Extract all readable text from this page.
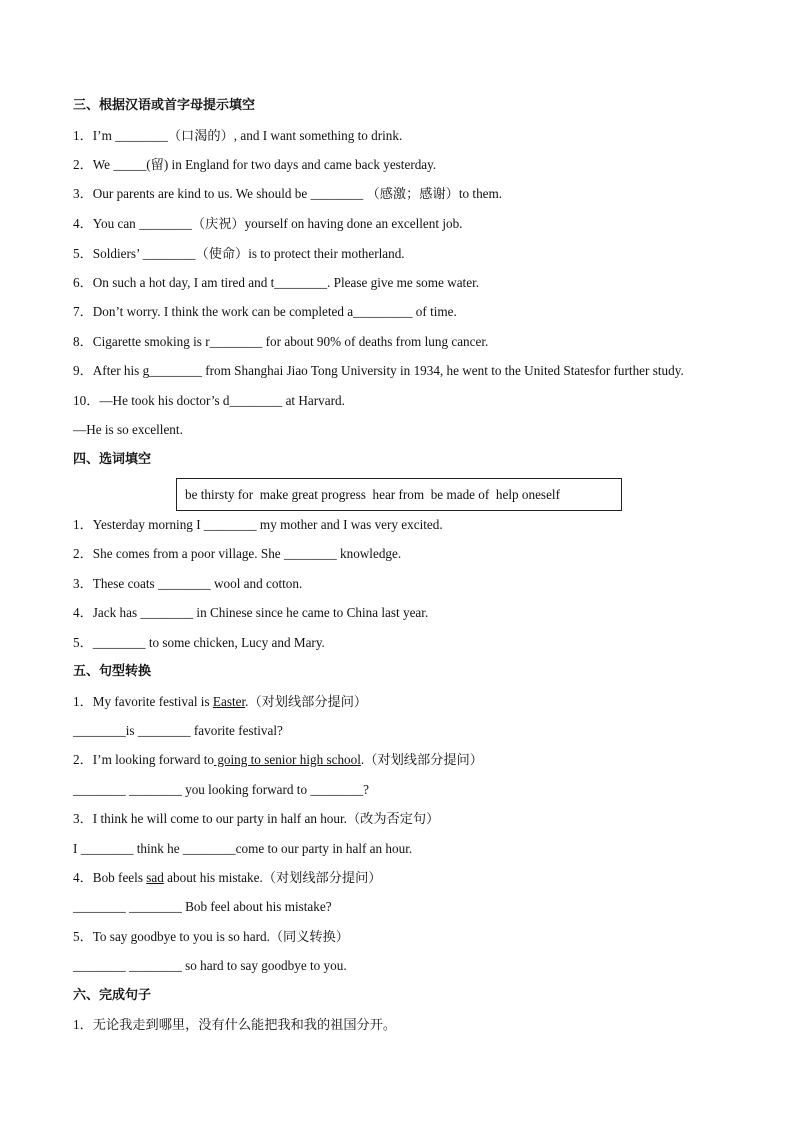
三、根据汉语或首字母提示填空
1．I’m ________（口渴的）, and I want something to drink.
2．We _____(留) in England for two days and came back yesterday.
3．Our parents are kind to us. We should be ________ （感激；感谢）to them.
4．You can ________（庆祝）yourself on having done an excellent job.
5．Soldiers’ ________（使命）is to protect their motherland.
6．On such a hot day, I am tired and t________. Please give me some water.
7．Don’t worry. I think the work can be completed a_________ of time.
8．Cigarette smoking is r________ for about 90% of deaths from lung cancer.
9．After his g________ from Shanghai Jiao Tong University in 1934, he went to the United Statesfor further study.
10．—He took his doctor’s d________ at Harvard.
—He is so excellent.
四、选词填空
be thirsty for  make great progress  hear from  be made of  help oneself
1．Yesterday morning I ________ my mother and I was very excited.
2．She comes from a poor village. She ________ knowledge.
3．These coats ________ wool and cotton.
4．Jack has ________ in Chinese since he came to China last year.
5．________ to some chicken, Lucy and Mary.
五、句型转换
1．My favorite festival is Easter.（对划线部分提问）
________is ________ favorite festival?
2．I’m looking forward to going to senior high school.（对划线部分提问）
________ ________ you looking forward to ________?
3．I think he will come to our party in half an hour.（改为否定句）
I ________ think he ________come to our party in half an hour.
4．Bob feels sad about his mistake.（对划线部分提问）
________ ________ Bob feel about his mistake?
5．To say goodbye to you is so hard.（同义转换）
________ ________ so hard to say goodbye to you.
六、完成句子
1．无论我走到哪里，没有什么能把我和我的祖国分开。
